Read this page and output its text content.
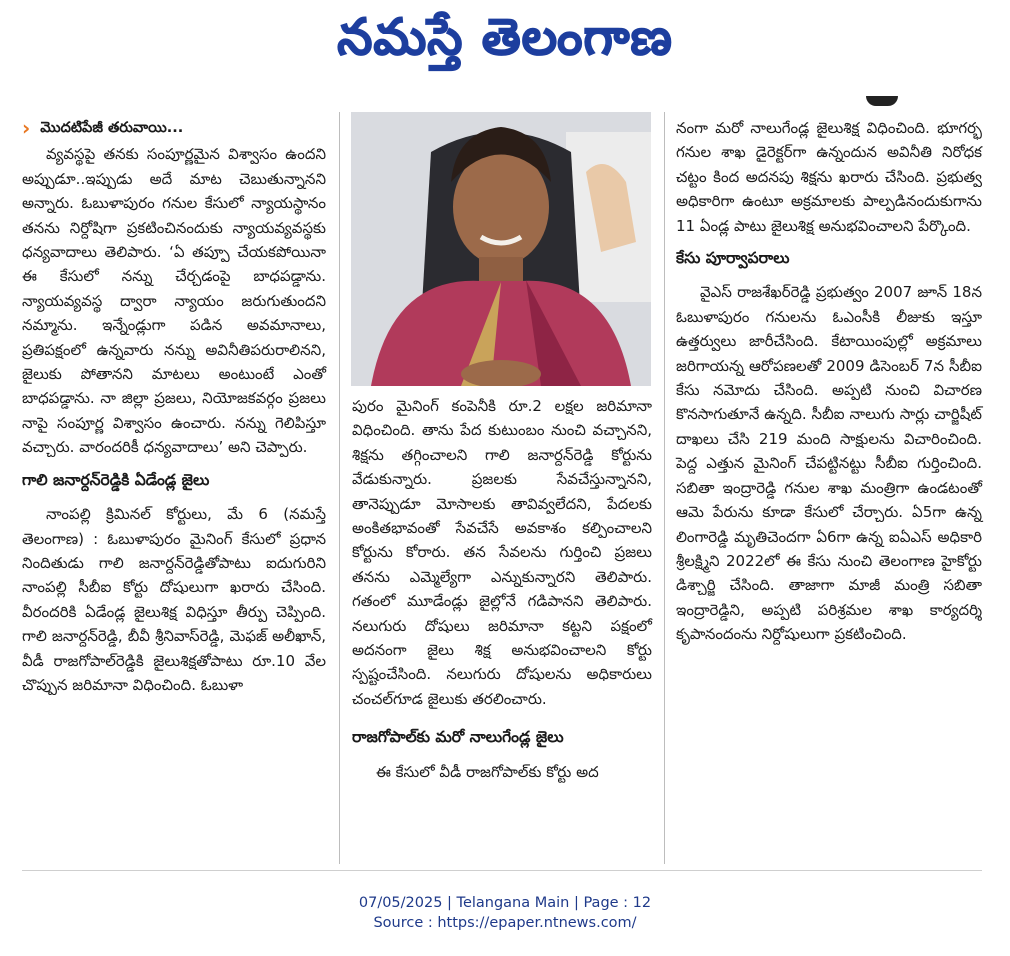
నమస్తే తెలంగాణ
› మొదటిపేజీ తరువాయి...

వ్యవస్థపై తనకు సంపూర్ణమైన విశ్వాసం ఉందని అప్పుడూ..ఇప్పుడు అదే మాట చెబుతున్నానని అన్నారు. ఓబుళాపురం గనుల కేసులో న్యాయస్థానం తనను నిర్దోషిగా ప్రకటించినందుకు న్యాయవ్యవస్థకు ధన్యవాదాలు తెలిపారు. ‘ఏ తప్పూ చేయకపోయినా ఈ కేసులో నన్ను చేర్చడంపై బాధపడ్డాను. న్యాయవ్యవస్థ ద్వారా న్యాయం జరుగుతుందని నమ్మాను. ఇన్నేండ్లుగా పడిన అవమానాలు, ప్రతిపక్షంలో ఉన్నవారు నన్ను అవినీతిపరురాలినని, జైలుకు పోతానని మాటలు అంటుంటే ఎంతో బాధపడ్డాను. నా జిల్లా ప్రజలు, నియోజకవర్గం ప్రజలు నాపై సంపూర్ణ విశ్వాసం ఉంచారు. నన్ను గెలిపిస్తూ వచ్చారు. వారందరికీ ధన్యవాదాలు’ అని చెప్పారు.

గాలి జనార్దన్‌రెడ్డికి ఏడేండ్ల జైలు

నాంపల్లి క్రిమినల్‌ కోర్టులు, మే 6 (నమస్తే తెలంగాణ) : ఓబుళాపురం మైనింగ్‌ కేసులో ప్రధాన నిందితుడు గాలి జనార్దన్‌రెడ్డితోపాటు ఐదుగురిని నాంపల్లి సీబీఐ కోర్టు దోషులుగా ఖరారు చేసింది. వీరందరికి ఏడేండ్ల జైలుశిక్ష విధిస్తూ తీర్పు చెప్పింది. గాలి జనార్దన్‌రెడ్డి, బీవీ శ్రీనివాస్‌రెడ్డి, మెఫజ్‌ అలీఖాన్‌, వీడీ రాజగోపాల్‌రెడ్డికి జైలుశిక్షతోపాటు రూ.10 వేల చొప్పున జరిమానా విధించింది. ఓబుళా

పురం మైనింగ్‌ కంపెనీకి రూ.2 లక్షల జరిమానా విధించింది. తాను పేద కుటుంబం నుంచి వచ్చానని, శిక్షను తగ్గించాలని గాలి జనార్దన్‌రెడ్డి కోర్టును వేడుకున్నారు. ప్రజలకు సేవచేస్తున్నానని, తానెప్పుడూ మోసాలకు తావివ్వలేదని, పేదలకు అంకితభావంతో సేవచేసే అవకాశం కల్పించాలని కోర్టును కోరారు. తన సేవలను గుర్తించి ప్రజలు తనను ఎమ్మెల్యేగా ఎన్నుకున్నారని తెలిపారు. గతంలో మూడేండ్లు జైల్లోనే గడిపానని తెలిపారు. నలుగురు దోషులు జరిమానా కట్టని పక్షంలో అదనంగా జైలు శిక్ష అనుభవించాలని కోర్టు స్పష్టంచేసింది. నలుగురు దోషులను అధికారులు చంచల్‌గూడ జైలుకు తరలించారు.

రాజగోపాల్‌కు మరో నాలుగేండ్ల జైలు

ఈ కేసులో వీడీ రాజగోపాల్‌కు కోర్టు అద

నంగా మరో నాలుగేండ్ల జైలుశిక్ష విధించింది. భూగర్భ గనుల శాఖ డైరెక్టర్‌గా ఉన్నందున అవినీతి నిరోధక చట్టం కింద అదనపు శిక్షను ఖరారు చేసింది. ప్రభుత్వ అధికారిగా ఉంటూ అక్రమాలకు పాల్పడినందుకుగాను 11 ఏండ్ల పాటు జైలుశిక్ష అనుభవించాలని పేర్కొంది.

కేసు పూర్వాపరాలు

వైఎస్‌ రాజశేఖర్‌రెడ్డి ప్రభుత్వం 2007 జూన్‌ 18న ఓబుళాపురం గనులను ఓఎంసీకి లీజుకు ఇస్తూ ఉత్తర్వులు జారీచేసింది. కేటాయింపుల్లో అక్రమాలు జరిగాయన్న ఆరోపణలతో 2009 డిసెంబర్‌ 7న సీబీఐ కేసు నమోదు చేసింది. అప్పటి నుంచి విచారణ కొనసాగుతూనే ఉన్నది. సీబీఐ నాలుగు సార్లు చార్జిషీట్‌ దాఖలు చేసి 219 మంది సాక్షులను విచారించింది. పెద్ద ఎత్తున మైనింగ్‌ చేపట్టినట్టు సీబీఐ గుర్తించింది. సబితా ఇంద్రారెడ్డి గనుల శాఖ మంత్రిగా ఉండటంతో ఆమె పేరును కూడా కేసులో చేర్చారు. ఏ5గా ఉన్న లింగారెడ్డి మృతిచెందగా ఏ6గా ఉన్న ఐఏఎస్‌ అధికారి శ్రీలక్ష్మిని 2022లో ఈ కేసు నుంచి తెలంగాణ హైకోర్టు డిశ్చార్జి చేసింది. తాజాగా మాజీ మంత్రి సబితా ఇంద్రారెడ్డిని, అప్పటి పరిశ్రమల శాఖ కార్యదర్శి కృపానందంను నిర్దోషులుగా ప్రకటించింది.

07/05/2025 | Telangana Main | Page : 12
Source : https://epaper.ntnews.com/
